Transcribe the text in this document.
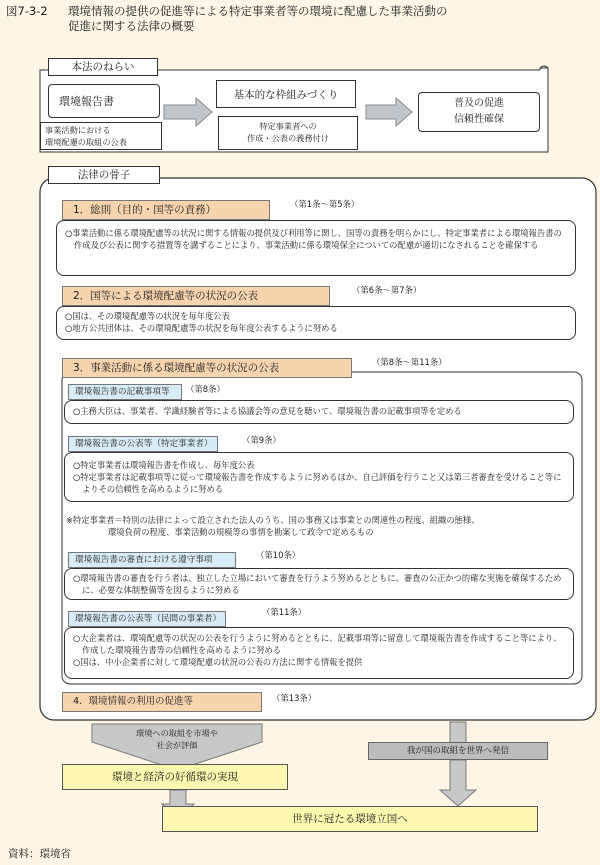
図7-3-2 環境情報の提供の促進等による特定事業者等の環境に配慮した事業活動の
促進に関する法律の概要
本法のねらい
環境報告書
事業活動における
環境配慮の取組の公表
基本的な枠組みづくり
特定事業者への
作成・公表の義務付け
普及の促進
信頼性確保
法律の骨子
1．総則（目的・国等の責務）	（第1条〜第5条）

○事業活動に係る環境配慮等の状況に関する情報の提供及び利用等に関し、国等の責務を明らかにし、特定事業者による環境報告書の作成及び公表に関する措置等を講ずることにより、事業活動に係る環境保全についての配慮が適切になされることを確保する

2．国等による環境配慮等の状況の公表	（第6条〜第7条）

○国は、その環境配慮等の状況を毎年度公表

○地方公共団体は、その環境配慮等の状況を毎年度公表するように努める

3．事業活動に係る環境配慮等の状況の公表	（第8条〜第11条）
環境報告書の記載事項等	（第8条）

○主務大臣は、事業者、学識経験者等による協議会等の意見を聴いて、環境報告書の記載事項等を定める

環境報告書の公表等（特定事業者）	（第9条）

○特定事業者は環境報告書を作成し、毎年度公表

○特定事業者は記載事項等に従って環境報告書を作成するように努めるほか、自己評価を行うこと又は第三者審査を受けること等によりその信頼性を高めるように努める

※特定事業者＝特別の法律によって設立された法人のうち、国の事務又は事業との関連性の程度、組織の態様、
環境負荷の程度、事業活動の規模等の事情を勘案して政令で定めるもの
環境報告書の審査における遵守事項	（第10条）

○環境報告書の審査を行う者は、独立した立場において審査を行うよう努めるとともに、審査の公正かつ的確な実施を確保するために、必要な体制整備等を図るように努める

環境報告書の公表等（民間の事業者）
（第11条）

○大企業者は、環境配慮等の状況の公表を行うように努めるとともに、記載事項等に留意して環境報告書を作成すること等により、作成した環境報告書等の信頼性を高めるように努める

○国は、中小企業者に対して環境配慮の状況の公表の方法に関する情報を提供

4．環境情報の利用の促進等	（第13条）
環境への取組を市場や
社会が評価
環境と経済の好循環の実現
我が国の取組を世界へ発信
世界に冠たる環境立国へ
資料：環境省
